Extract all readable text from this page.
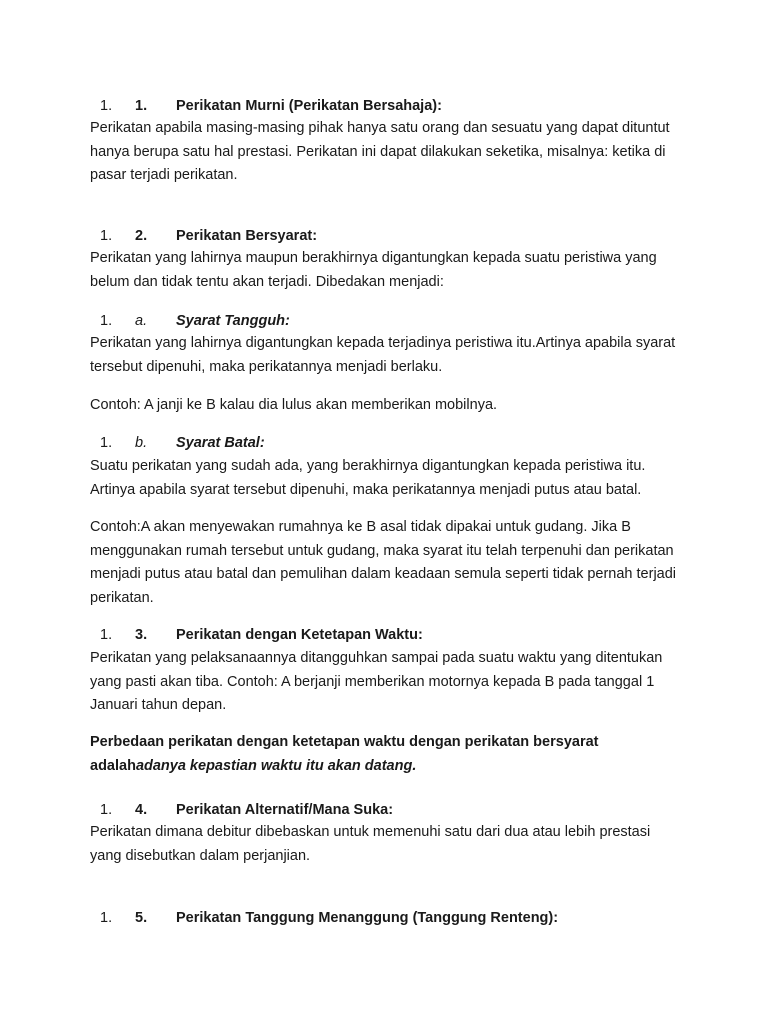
1.	1. Perikatan Murni (Perikatan Bersahaja):

Perikatan apabila masing-masing pihak hanya satu orang dan sesuatu yang dapat dituntut
hanya berupa satu hal prestasi. Perikatan ini dapat dilakukan seketika, misalnya: ketika di
pasar terjadi perikatan.

1.	2. Perikatan Bersyarat:

Perikatan yang lahirnya maupun berakhirnya digantungkan kepada suatu peristiwa yang
belum dan tidak tentu akan terjadi. Dibedakan menjadi:

1.	a. Syarat Tangguh:

Perikatan yang lahirnya digantungkan kepada terjadinya peristiwa itu.Artinya apabila syarat
tersebut dipenuhi, maka perikatannya menjadi berlaku.

Contoh: A janji ke B kalau dia lulus akan memberikan mobilnya.

1.	b. Syarat Batal:

Suatu perikatan yang sudah ada, yang berakhirnya digantungkan kepada peristiwa itu.
Artinya apabila syarat tersebut dipenuhi, maka perikatannya menjadi putus atau batal.

Contoh:A akan menyewakan rumahnya ke B asal tidak dipakai untuk gudang. Jika B
menggunakan rumah tersebut untuk gudang, maka syarat itu telah terpenuhi dan perikatan
menjadi putus atau batal dan pemulihan dalam keadaan semula seperti tidak pernah terjadi
perikatan.

1.	3. Perikatan dengan Ketetapan Waktu:

Perikatan yang pelaksanaannya ditangguhkan sampai pada suatu waktu yang ditentukan
yang pasti akan tiba. Contoh: A berjanji memberikan motornya kepada B pada tanggal 1
Januari tahun depan.

Perbedaan perikatan dengan ketetapan waktu dengan perikatan bersyarat
adalahadanya kepastian waktu itu akan datang.

1.	4. Perikatan Alternatif/Mana Suka:

Perikatan dimana debitur dibebaskan untuk memenuhi satu dari dua atau lebih prestasi
yang disebutkan dalam perjanjian.

1.	5. Perikatan Tanggung Menanggung (Tanggung Renteng):
